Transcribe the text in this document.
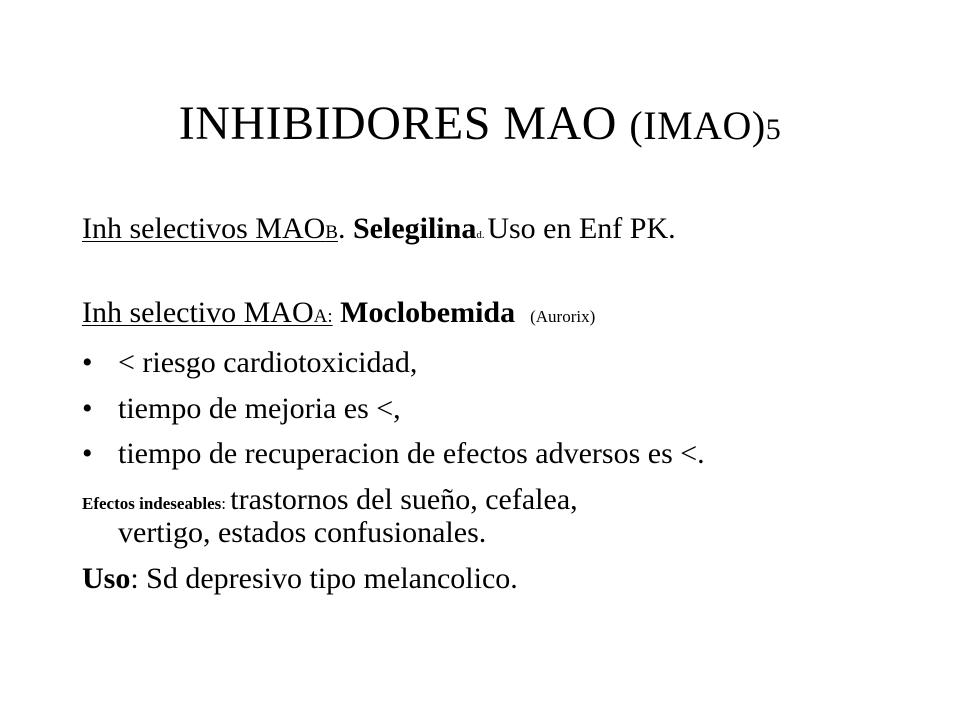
INHIBIDORES MAO (IMAO)5
Inh selectivos MAOB. Selegilinad. Uso en Enf PK.
Inh selectivo MAOA: Moclobemida (Aurorix)
• < riesgo cardiotoxicidad,
• tiempo de mejoria es <,
• tiempo de recuperacion de efectos adversos es <.
Efectos indeseables: trastornos del sueño, cefalea,
vertigo, estados confusionales.
Uso: Sd depresivo tipo melancolico.
